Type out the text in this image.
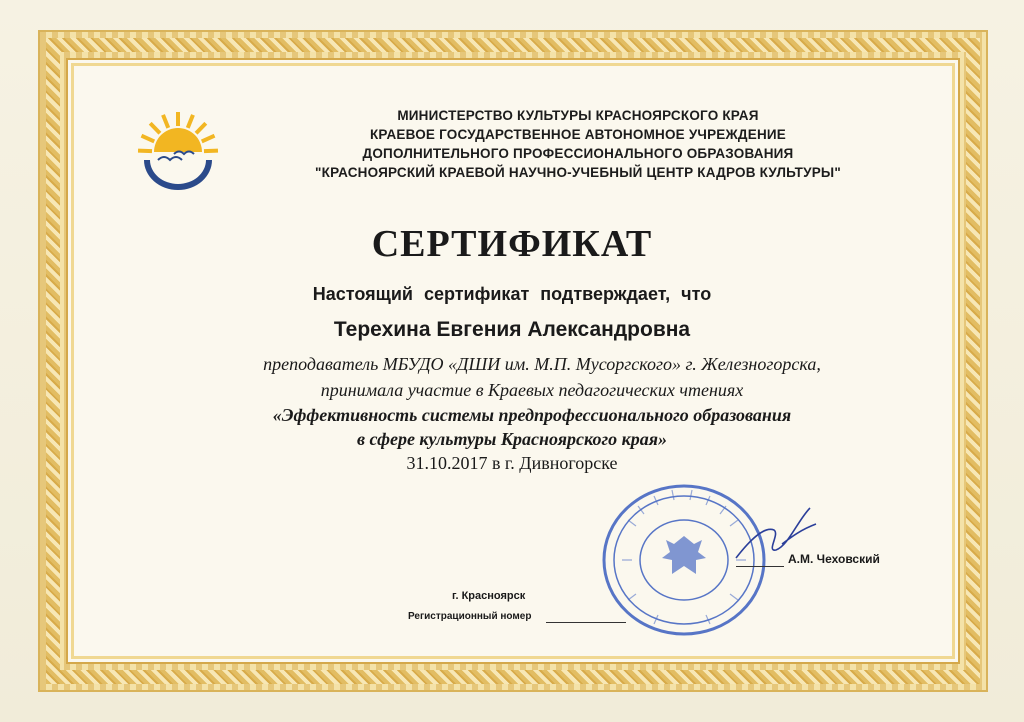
МИНИСТЕРСТВО КУЛЬТУРЫ КРАСНОЯРСКОГО КРАЯ
КРАЕВОЕ ГОСУДАРСТВЕННОЕ АВТОНОМНОЕ УЧРЕЖДЕНИЕ
ДОПОЛНИТЕЛЬНОГО ПРОФЕССИОНАЛЬНОГО ОБРАЗОВАНИЯ
"КРАСНОЯРСКИЙ КРАЕВОЙ НАУЧНО-УЧЕБНЫЙ ЦЕНТР КАДРОВ КУЛЬТУРЫ"
СЕРТИФИКАТ
Настоящий сертификат подтверждает, что
Терехина Евгения Александровна
преподаватель МБУДО «ДШИ им. М.П. Мусоргского» г. Железногорска,
принимала участие в Краевых педагогических чтениях
«Эффективность системы предпрофессионального образования
в сфере культуры Красноярского края»
31.10.2017 в г. Дивногорске
А.М. Чеховский
г. Красноярск
Регистрационный номер
